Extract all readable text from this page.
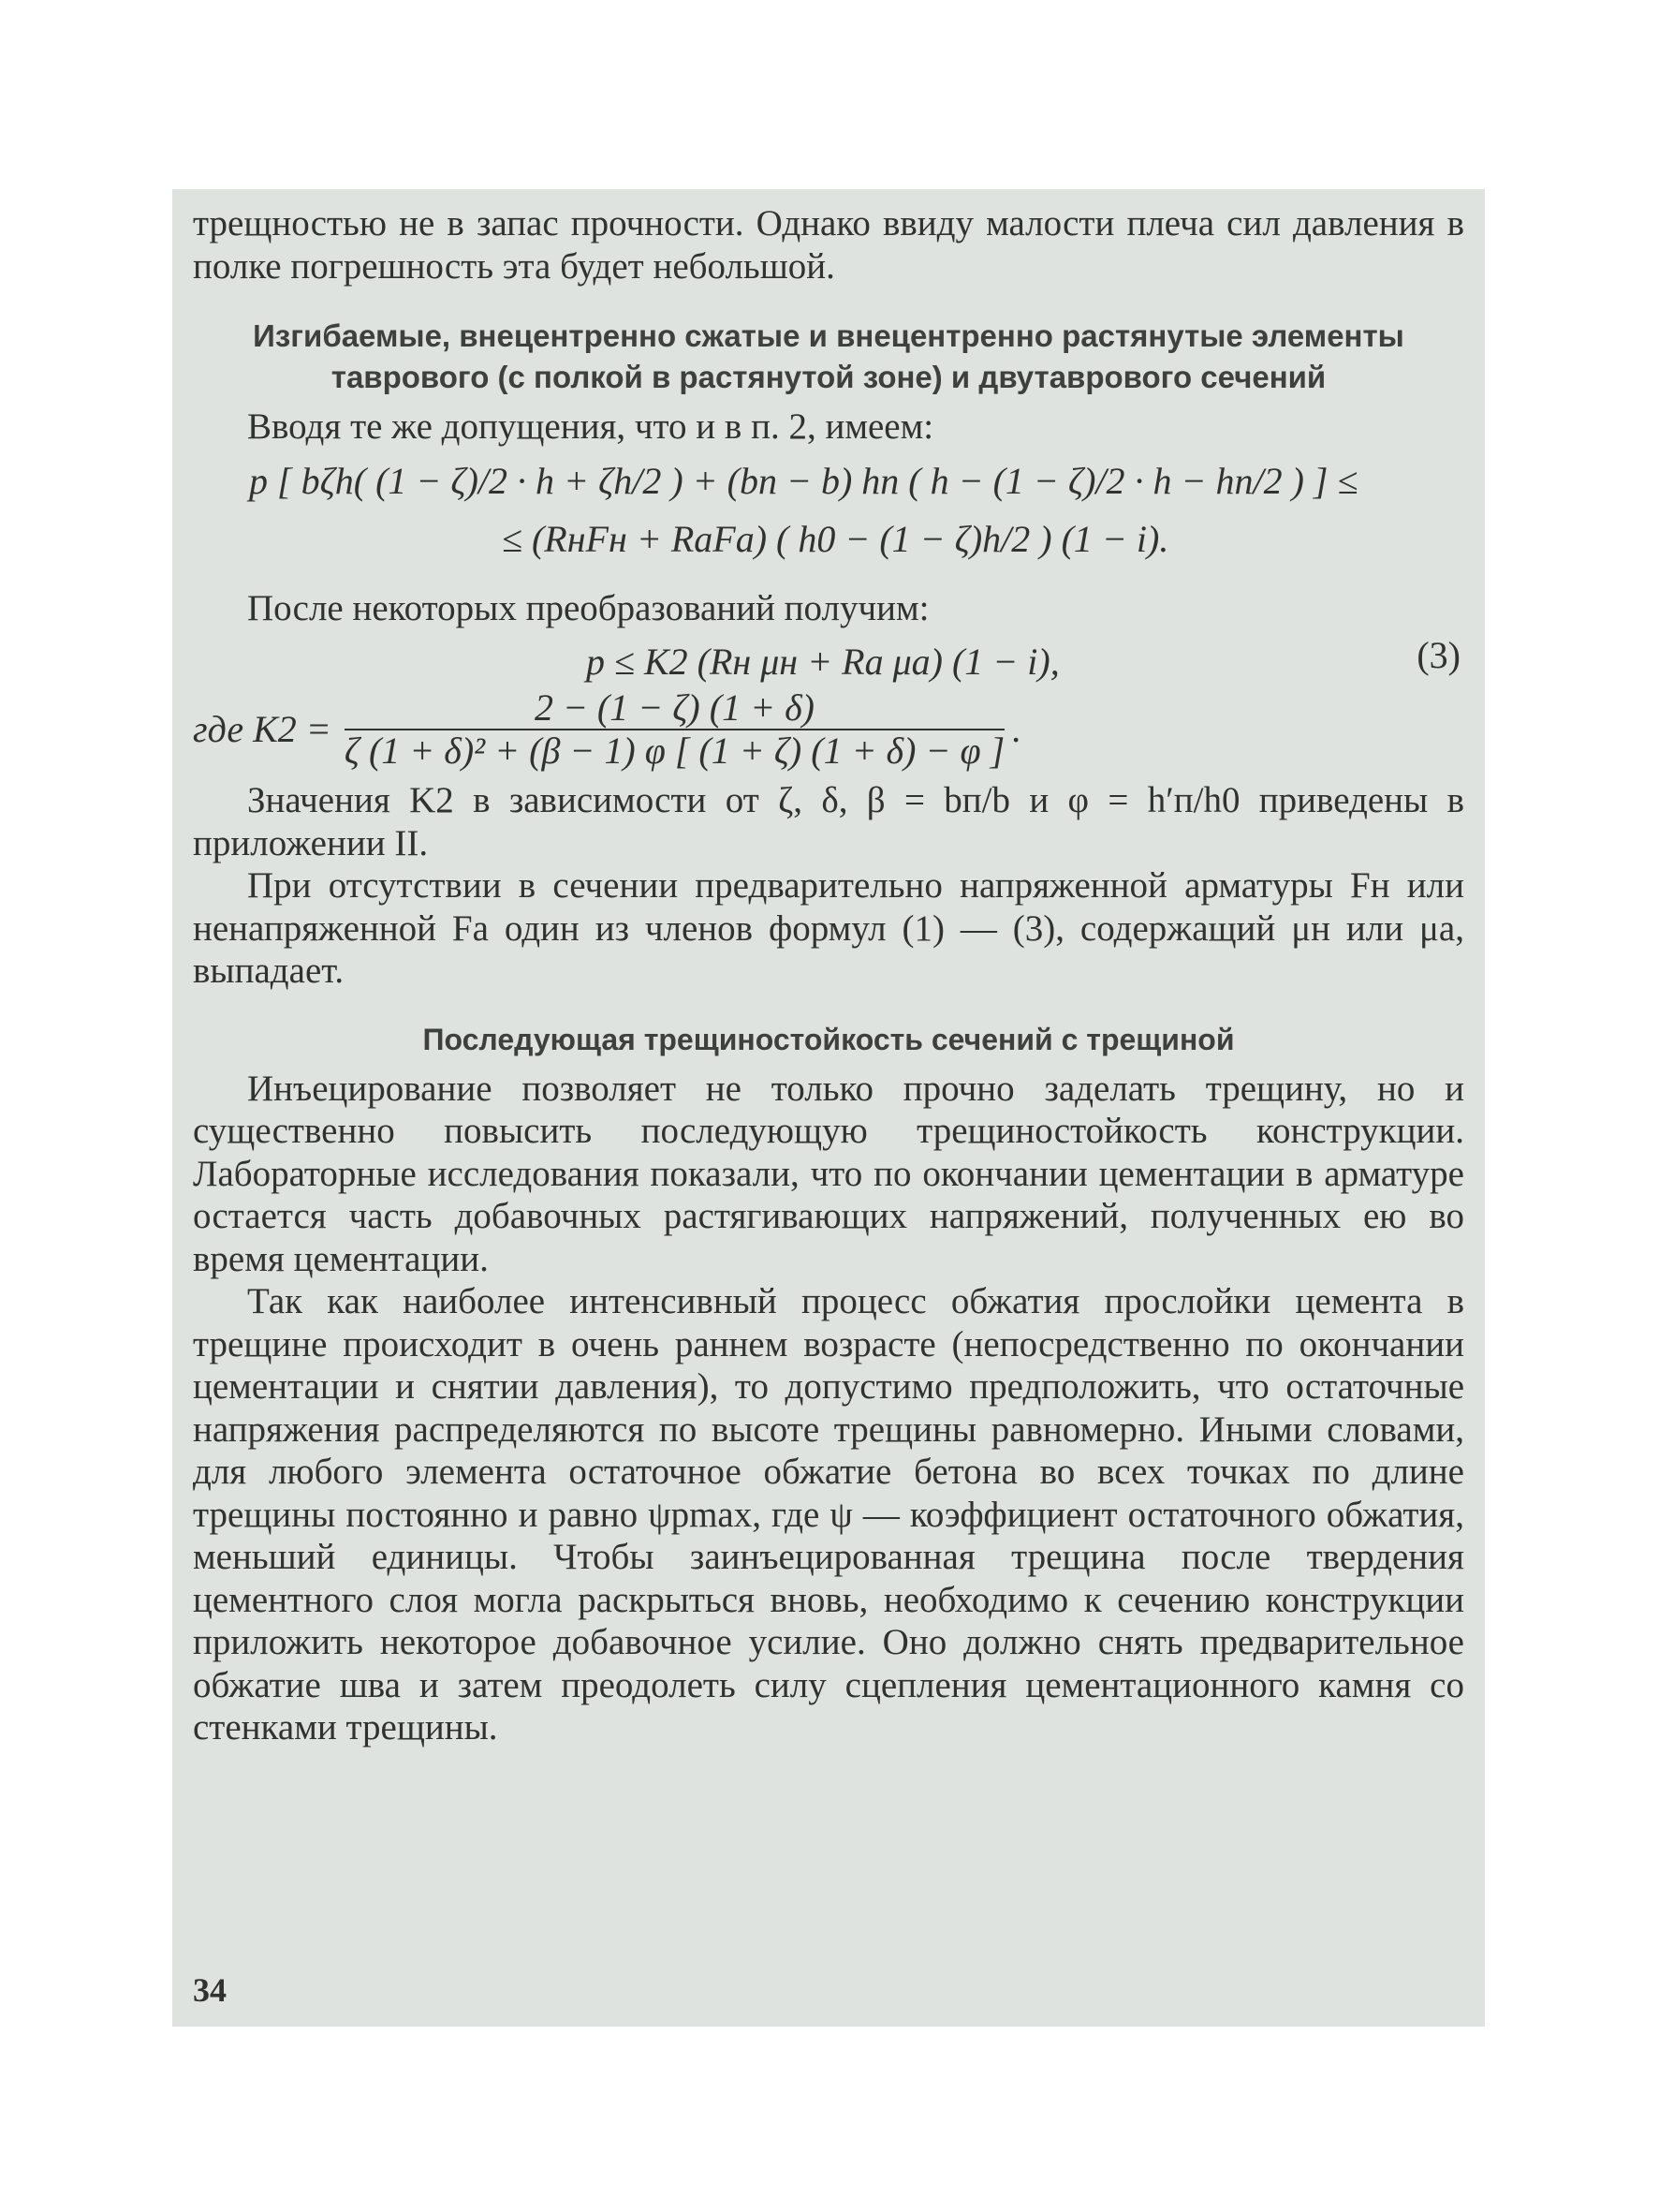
трещностью не в запас прочности. Однако ввиду малости плеча сил давления в полке погрешность эта будет небольшой.

Изгибаемые, внецентренно сжатые и внецентренно растянутые элементы таврового (с полкой в растянутой зоне) и двутаврового сечений

Вводя те же допущения, что и в п. 2, имеем:

p [ bζh( (1 − ζ)/2 · h + ζh/2 ) + (bп − b) hп ( h − (1 − ζ)/2 · h − hп/2 ) ] ≤

≤ (RнFн + RаFа) ( h0 − (1 − ζ)h/2 ) (1 − i).

После некоторых преобразований получим:

p ≤ K2 (Rн μн + Rа μа) (1 − i),	(3)
где $K2 = \frac{2 - (1 - \zeta) (1 + \delta)}{\text{ζ (1 + δ)² + (β − 1) φ [ (1 + ζ) (1 + δ) − φ ]}}$ .

Значения K2 в зависимости от ζ, δ, β = bп/b и φ = h′п/h0 приведены в приложении II.

При отсутствии в сечении предварительно напряженной арматуры Fн или ненапряженной Fа один из членов формул (1) — (3), содержащий μн или μа, выпадает.

Последующая трещиностойкость сечений с трещиной

Инъецирование позволяет не только прочно заделать трещину, но и существенно повысить последующую трещиностойкость конструкции. Лабораторные исследования показали, что по окончании цементации в арматуре остается часть добавочных растягивающих напряжений, полученных ею во время цементации.

Так как наиболее интенсивный процесс обжатия прослойки цемента в трещине происходит в очень раннем возрасте (непосредственно по окончании цементации и снятии давления), то допустимо предположить, что остаточные напряжения распределяются по высоте трещины равномерно. Иными словами, для любого элемента остаточное обжатие бетона во всех точках по длине трещины постоянно и равно ψpmax, где ψ — коэффициент остаточного обжатия, меньший единицы. Чтобы заинъецированная трещина после твердения цементного слоя могла раскрыться вновь, необходимо к сечению конструкции приложить некоторое добавочное усилие. Оно должно снять предварительное обжатие шва и затем преодолеть силу сцепления цементационного камня со стенками трещины.

34
